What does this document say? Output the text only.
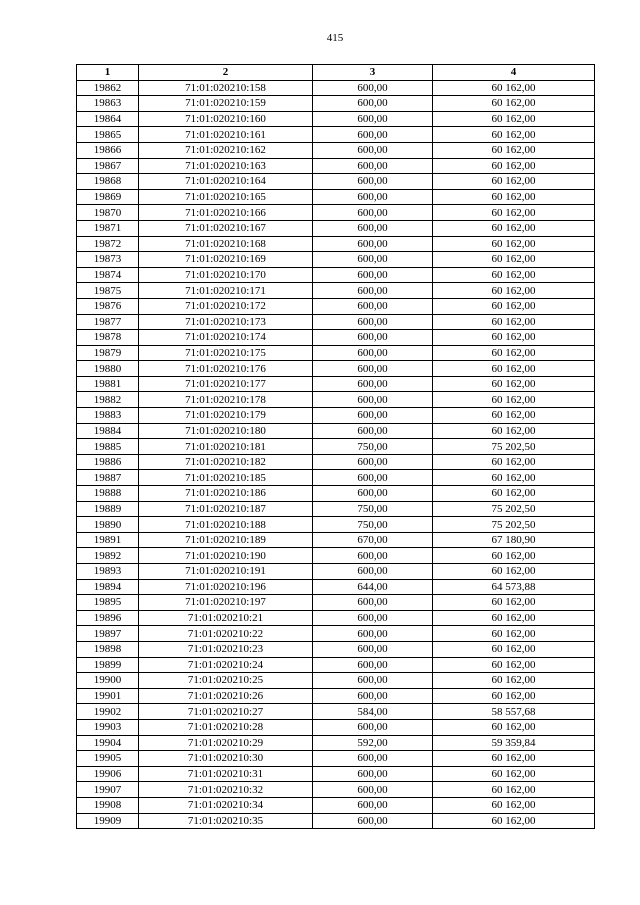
415
1	2	3	4
19862	71:01:020210:158	600,00	60 162,00
19863	71:01:020210:159	600,00	60 162,00
19864	71:01:020210:160	600,00	60 162,00
19865	71:01:020210:161	600,00	60 162,00
19866	71:01:020210:162	600,00	60 162,00
19867	71:01:020210:163	600,00	60 162,00
19868	71:01:020210:164	600,00	60 162,00
19869	71:01:020210:165	600,00	60 162,00
19870	71:01:020210:166	600,00	60 162,00
19871	71:01:020210:167	600,00	60 162,00
19872	71:01:020210:168	600,00	60 162,00
19873	71:01:020210:169	600,00	60 162,00
19874	71:01:020210:170	600,00	60 162,00
19875	71:01:020210:171	600,00	60 162,00
19876	71:01:020210:172	600,00	60 162,00
19877	71:01:020210:173	600,00	60 162,00
19878	71:01:020210:174	600,00	60 162,00
19879	71:01:020210:175	600,00	60 162,00
19880	71:01:020210:176	600,00	60 162,00
19881	71:01:020210:177	600,00	60 162,00
19882	71:01:020210:178	600,00	60 162,00
19883	71:01:020210:179	600,00	60 162,00
19884	71:01:020210:180	600,00	60 162,00
19885	71:01:020210:181	750,00	75 202,50
19886	71:01:020210:182	600,00	60 162,00
19887	71:01:020210:185	600,00	60 162,00
19888	71:01:020210:186	600,00	60 162,00
19889	71:01:020210:187	750,00	75 202,50
19890	71:01:020210:188	750,00	75 202,50
19891	71:01:020210:189	670,00	67 180,90
19892	71:01:020210:190	600,00	60 162,00
19893	71:01:020210:191	600,00	60 162,00
19894	71:01:020210:196	644,00	64 573,88
19895	71:01:020210:197	600,00	60 162,00
19896	71:01:020210:21	600,00	60 162,00
19897	71:01:020210:22	600,00	60 162,00
19898	71:01:020210:23	600,00	60 162,00
19899	71:01:020210:24	600,00	60 162,00
19900	71:01:020210:25	600,00	60 162,00
19901	71:01:020210:26	600,00	60 162,00
19902	71:01:020210:27	584,00	58 557,68
19903	71:01:020210:28	600,00	60 162,00
19904	71:01:020210:29	592,00	59 359,84
19905	71:01:020210:30	600,00	60 162,00
19906	71:01:020210:31	600,00	60 162,00
19907	71:01:020210:32	600,00	60 162,00
19908	71:01:020210:34	600,00	60 162,00
19909	71:01:020210:35	600,00	60 162,00
